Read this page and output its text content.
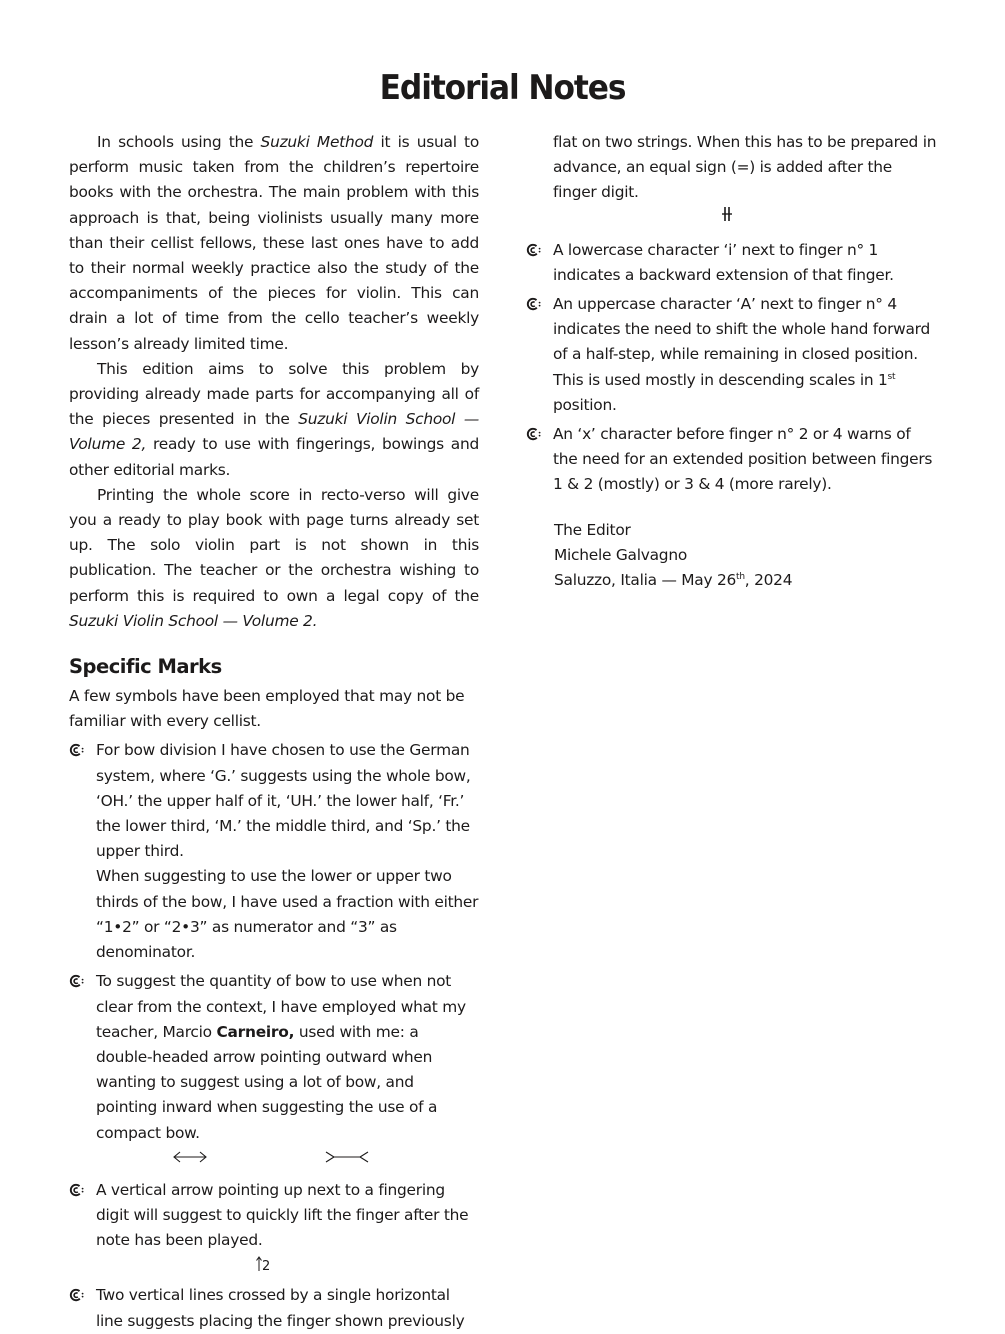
Editorial Notes

In schools using the Suzuki Method it is usual to perform music taken from the children’s repertoire books with the orchestra. The main problem with this approach is that, being violinists usually many more than their cellist fellows, these last ones have to add to their normal weekly practice also the study of the accompaniments of the pieces for violin. This can drain a lot of time from the cello teacher’s weekly lesson’s already limited time.

This edition aims to solve this problem by providing already made parts for accompanying all of the pieces presented in the Suzuki Violin School — Volume 2, ready to use with fingerings, bowings and other editorial marks.

Printing the whole score in recto-verso will give you a ready to play book with page turns already set up. The solo violin part is not shown in this publication. The teacher or the orchestra wishing to perform this is required to own a legal copy of the Suzuki Violin School — Volume 2.

Specific Marks

A few symbols have been employed that may not be familiar with every cellist.

For bow division I have chosen to use the German system, where ‘G.’ suggests using the whole bow, ‘OH.’ the upper half of it, ‘UH.’ the lower half, ‘Fr.’ the lower third, ‘M.’ the middle third, and ‘Sp.’ the upper third.

When suggesting to use the lower or upper two thirds of the bow, I have used a fraction with either “1•2” or “2•3” as numerator and “3” as denominator.

To suggest the quantity of bow to use when not clear from the context, I have employed what my teacher, Marcio Carneiro, used with me: a double-headed arrow pointing outward when wanting to suggest using a lot of bow, and pointing inward when suggesting the use of a compact bow.

A vertical arrow pointing up next to a fingering digit will suggest to quickly lift the finger after the note has been played.

2

Two vertical lines crossed by a single horizontal line suggests placing the finger shown previously

flat on two strings. When this has to be prepared in advance, an equal sign (=) is added after the finger digit.

A lowercase character ‘i’ next to finger n° 1 indicates a backward extension of that finger.

An uppercase character ‘A’ next to finger n° 4 indicates the need to shift the whole hand forward of a half-step, while remaining in closed position. This is used mostly in descending scales in 1st position.

An ‘x’ character before finger n° 2 or 4 warns of the need for an extended position between fingers 1 & 2 (mostly) or 3 & 4 (more rarely).

The Editor

Michele Galvagno

Saluzzo, Italia — May 26th, 2024
